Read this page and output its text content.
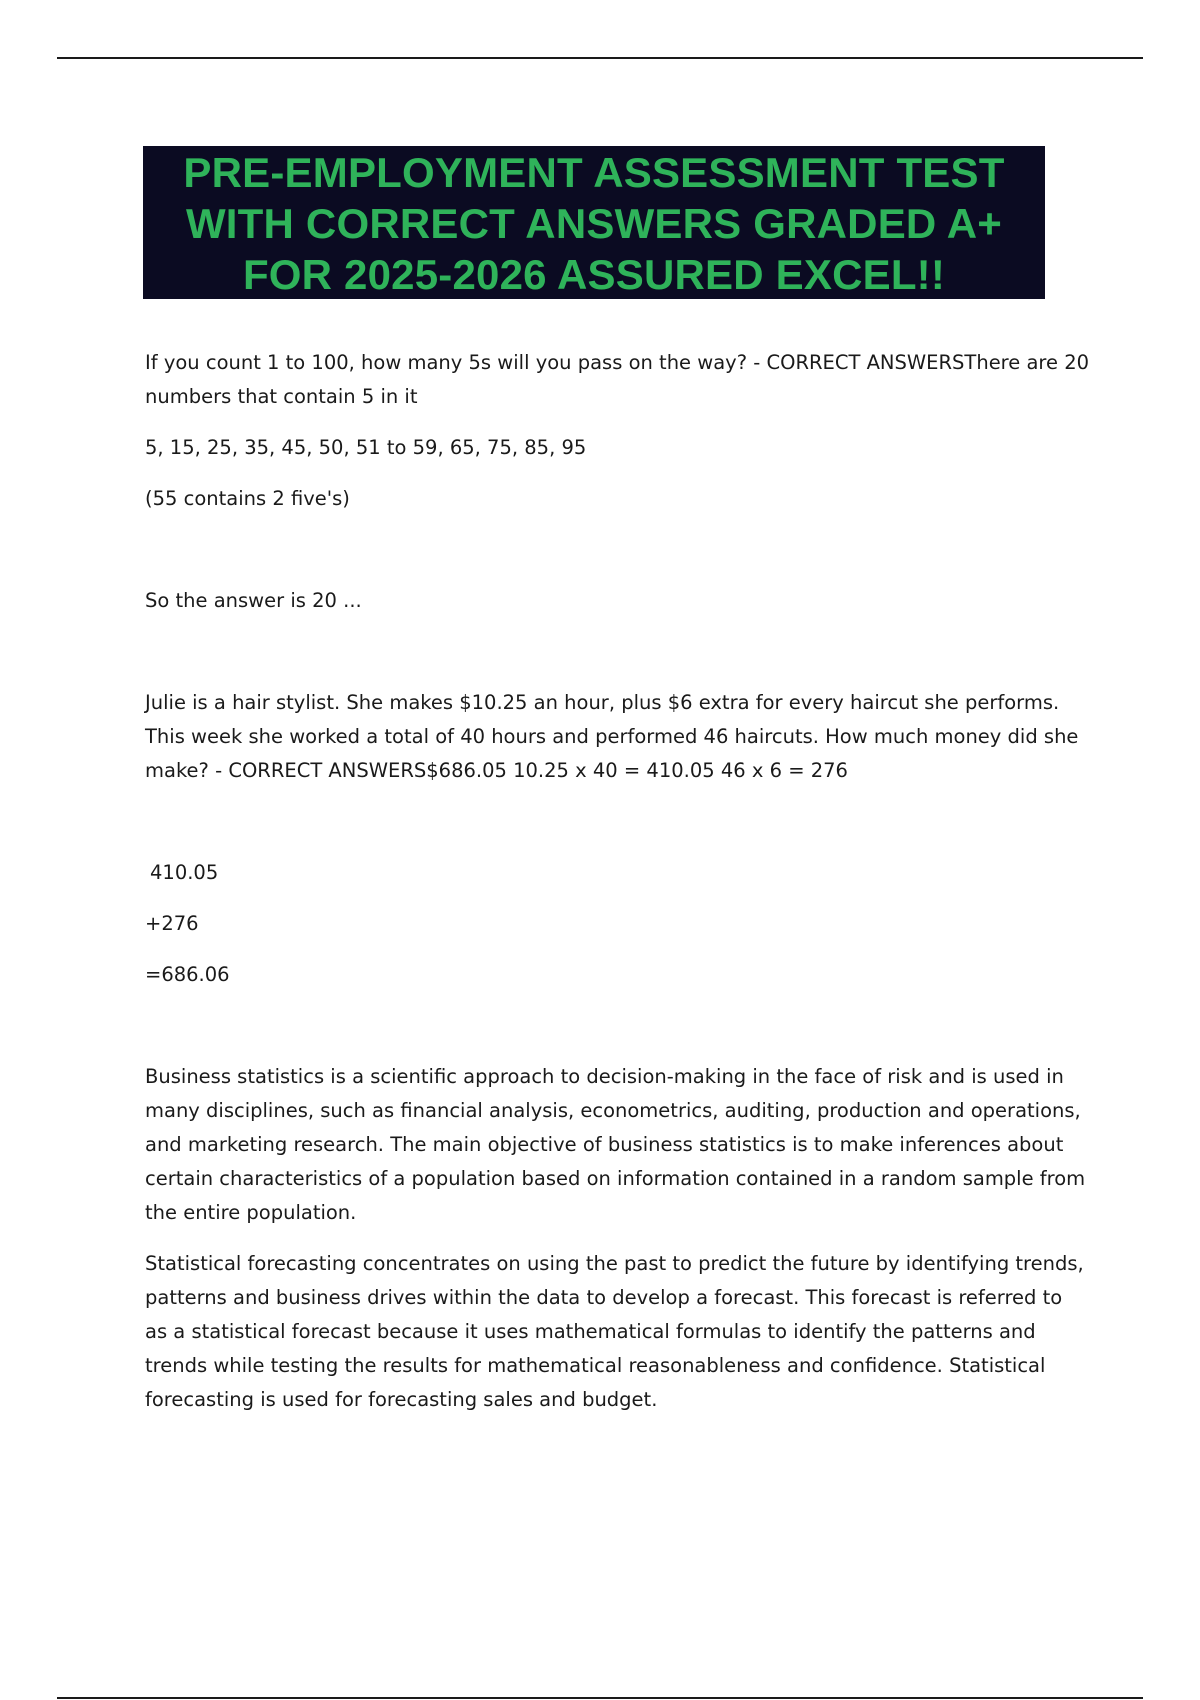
PRE-EMPLOYMENT ASSESSMENT TEST
WITH CORRECT ANSWERS GRADED A+
FOR 2025-2026 ASSURED EXCEL!!

If you count 1 to 100, how many 5s will you pass on the way? - CORRECT ANSWERSThere are 20 numbers that contain 5 in it

5, 15, 25, 35, 45, 50, 51 to 59, 65, 75, 85, 95

(55 contains 2 five's)

So the answer is 20 ...

Julie is a hair stylist. She makes $10.25 an hour, plus $6 extra for every haircut she performs. This week she worked a total of 40 hours and performed 46 haircuts. How much money did she make? - CORRECT ANSWERS$686.05 10.25 x 40 = 410.05 46 x 6 = 276

410.05

+276

=686.06

Business statistics is a scientific approach to decision-making in the face of risk and is used in many disciplines, such as financial analysis, econometrics, auditing, production and operations, and marketing research. The main objective of business statistics is to make inferences about certain characteristics of a population based on information contained in a random sample from the entire population.

Statistical forecasting concentrates on using the past to predict the future by identifying trends, patterns and business drives within the data to develop a forecast. This forecast is referred to as a statistical forecast because it uses mathematical formulas to identify the patterns and trends while testing the results for mathematical reasonableness and confidence. Statistical forecasting is used for forecasting sales and budget.
